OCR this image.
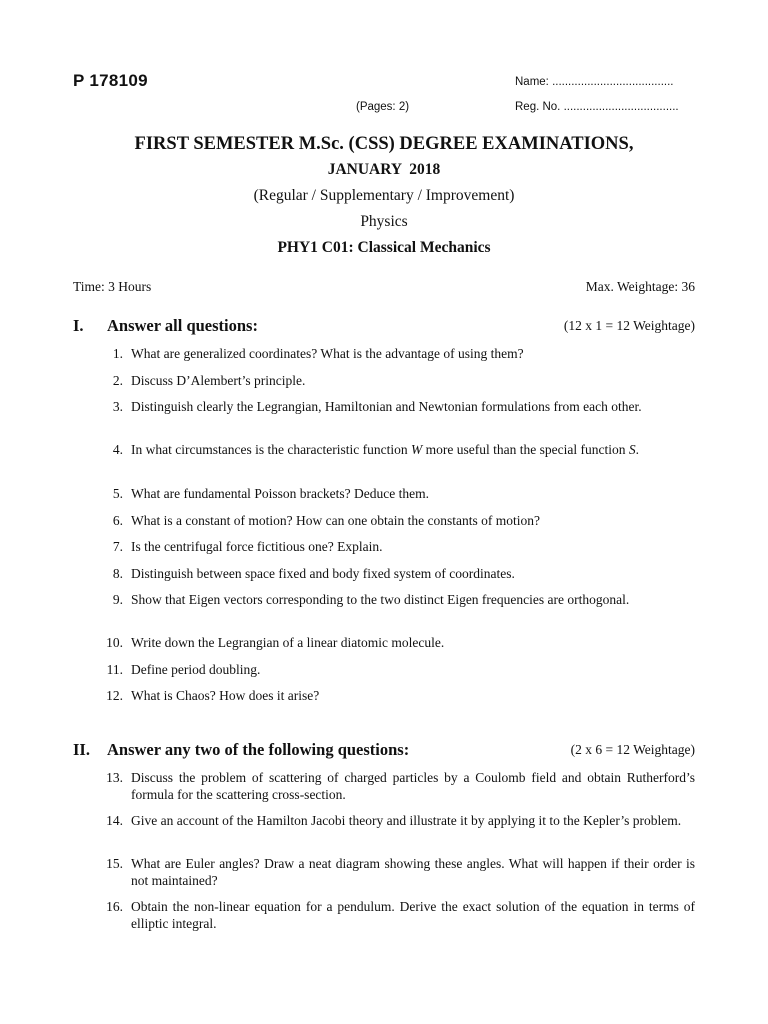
P 178109	Name: ......................................
(Pages: 2)	Reg. No. ....................................
FIRST SEMESTER M.Sc. (CSS) DEGREE EXAMINATIONS,
JANUARY  2018
(Regular / Supplementary / Improvement)
Physics
PHY1 C01: Classical Mechanics
Time: 3 Hours	Max. Weightage: 36
I. Answer all questions:	(12 x 1 = 12 Weightage)
1. What are generalized coordinates? What is the advantage of using them?
2. Discuss D’Alembert’s principle.
3. Distinguish clearly the Legrangian, Hamiltonian and Newtonian formulations from each other.
4. In what circumstances is the characteristic function W more useful than the special function S.
5. What are fundamental Poisson brackets? Deduce them.
6. What is a constant of motion? How can one obtain the constants of motion?
7. Is the centrifugal force fictitious one? Explain.
8. Distinguish between space fixed and body fixed system of coordinates.
9. Show that Eigen vectors corresponding to the two distinct Eigen frequencies are orthogonal.
10. Write down the Legrangian of a linear diatomic molecule.
11. Define period doubling.
12. What is Chaos? How does it arise?
II. Answer any two of the following questions:	(2 x 6 = 12 Weightage)
13. Discuss the problem of scattering of charged particles by a Coulomb field and obtain Rutherford’s formula for the scattering cross-section.
14. Give an account of the Hamilton Jacobi theory and illustrate it by applying it to the Kepler’s problem.
15. What are Euler angles? Draw a neat diagram showing these angles. What will happen if their order is not maintained?
16. Obtain the non-linear equation for a pendulum. Derive the exact solution of the equation in terms of elliptic integral.
